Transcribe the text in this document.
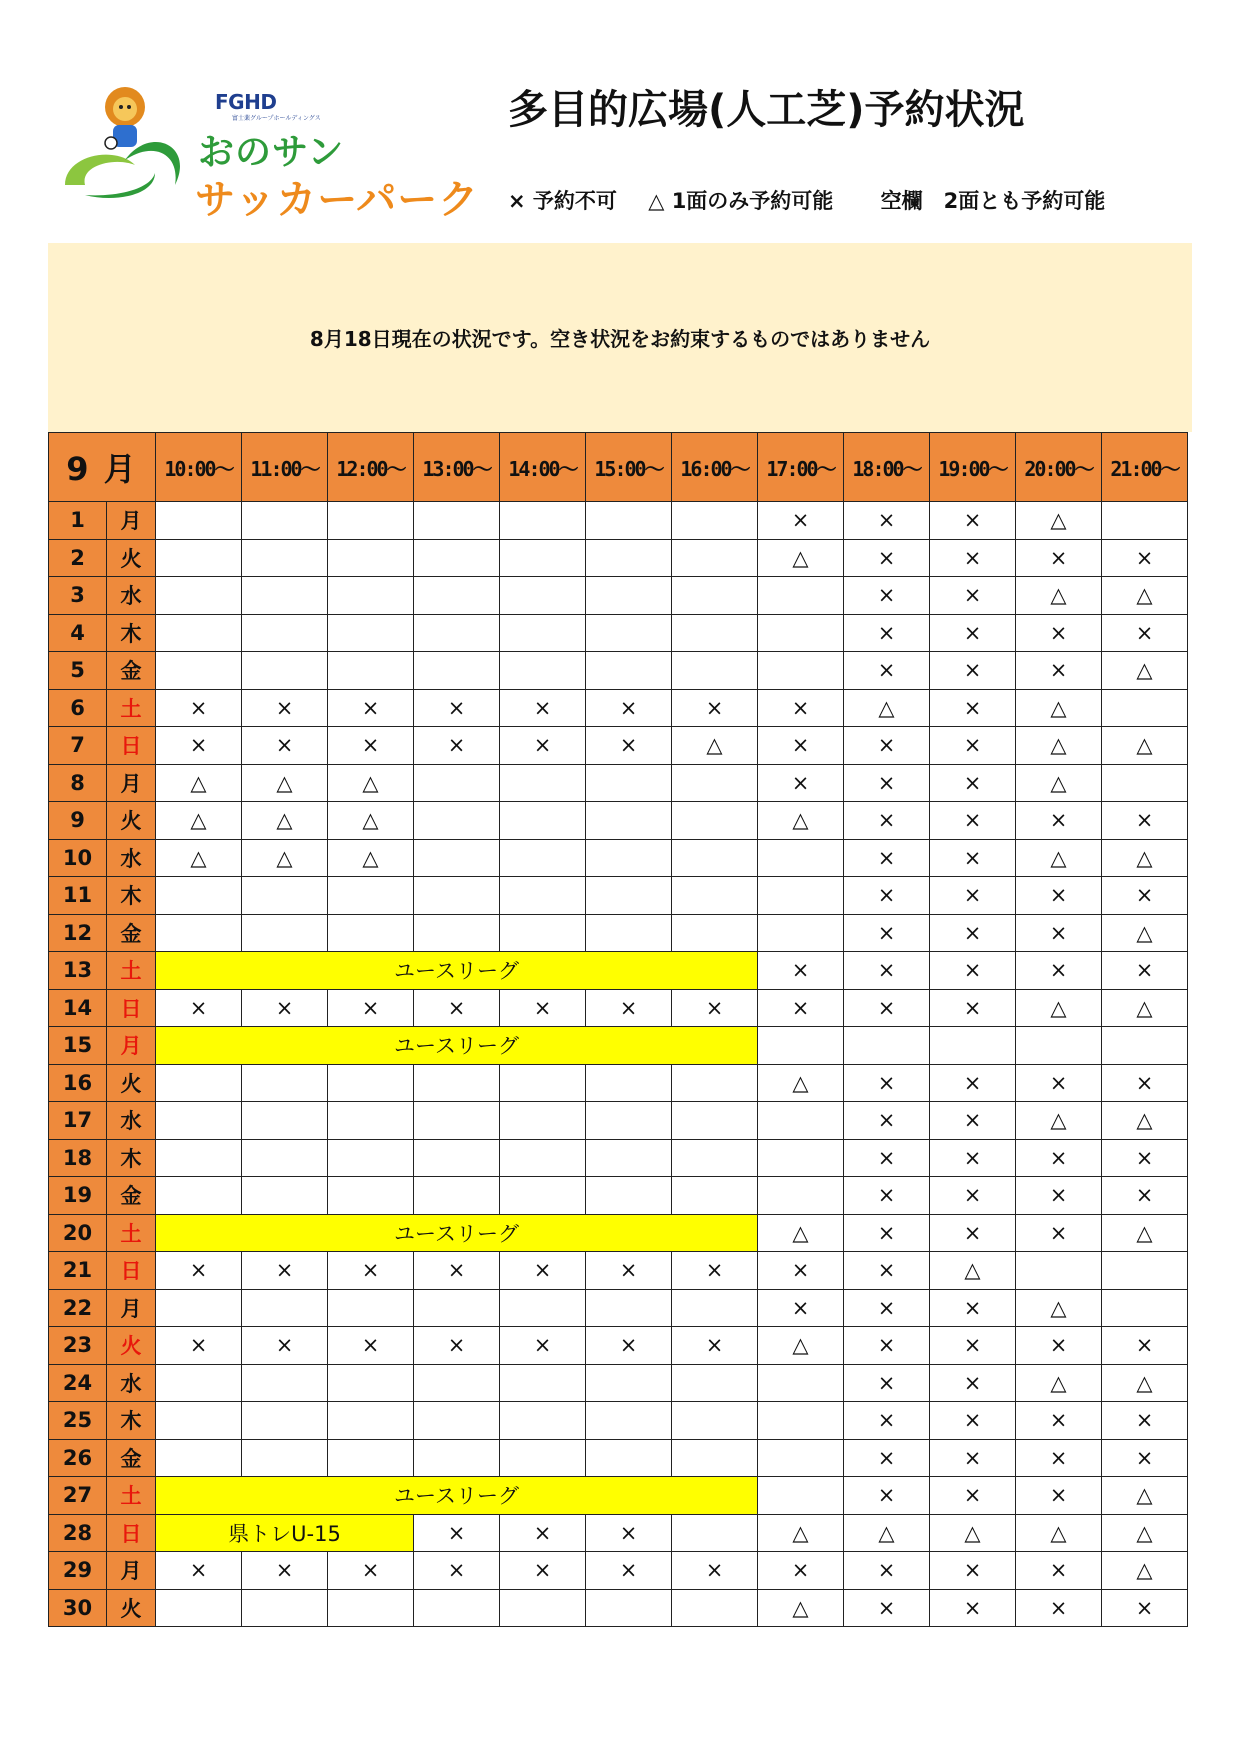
FGHD
富士薬グループホールディングス
おのサン
サッカーパーク
多目的広場(人工芝)予約状況
× 予約不可 △ 1面のみ予約可能 空欄　2面とも予約可能
8月18日現在の状況です。空き状況をお約束するものではありません
9 月		10:00～	11:00～	12:00～	13:00～	14:00～	15:00～	16:00～	17:00～	18:00～	19:00～	20:00～	21:00～
1	月								×	×	×	△	
2	火								△	×	×	×	×
3	水									×	×	△	△
4	木									×	×	×	×
5	金									×	×	×	△
6	土	×	×	×	×	×	×	×	×	△	×	△	
7	日	×	×	×	×	×	×	△	×	×	×	△	△
8	月	△	△	△					×	×	×	△	
9	火	△	△	△					△	×	×	×	×
10	水	△	△	△						×	×	△	△
11	木									×	×	×	×
12	金									×	×	×	△
13	土	ユースリーグ							×	×	×	×	×
14	日	×	×	×	×	×	×	×	×	×	×	△	△
15	月	ユースリーグ											
16	火								△	×	×	×	×
17	水									×	×	△	△
18	木									×	×	×	×
19	金									×	×	×	×
20	土	ユースリーグ							△	×	×	×	△
21	日	×	×	×	×	×	×	×	×	×	△		
22	月								×	×	×	△	
23	火	×	×	×	×	×	×	×	△	×	×	×	×
24	水									×	×	△	△
25	木									×	×	×	×
26	金									×	×	×	×
27	土	ユースリーグ								×	×	×	△
28	日	県トレU-15			×	×	×		△	△	△	△	△
29	月	×	×	×	×	×	×	×	×	×	×	×	△
30	火								△	×	×	×	×
